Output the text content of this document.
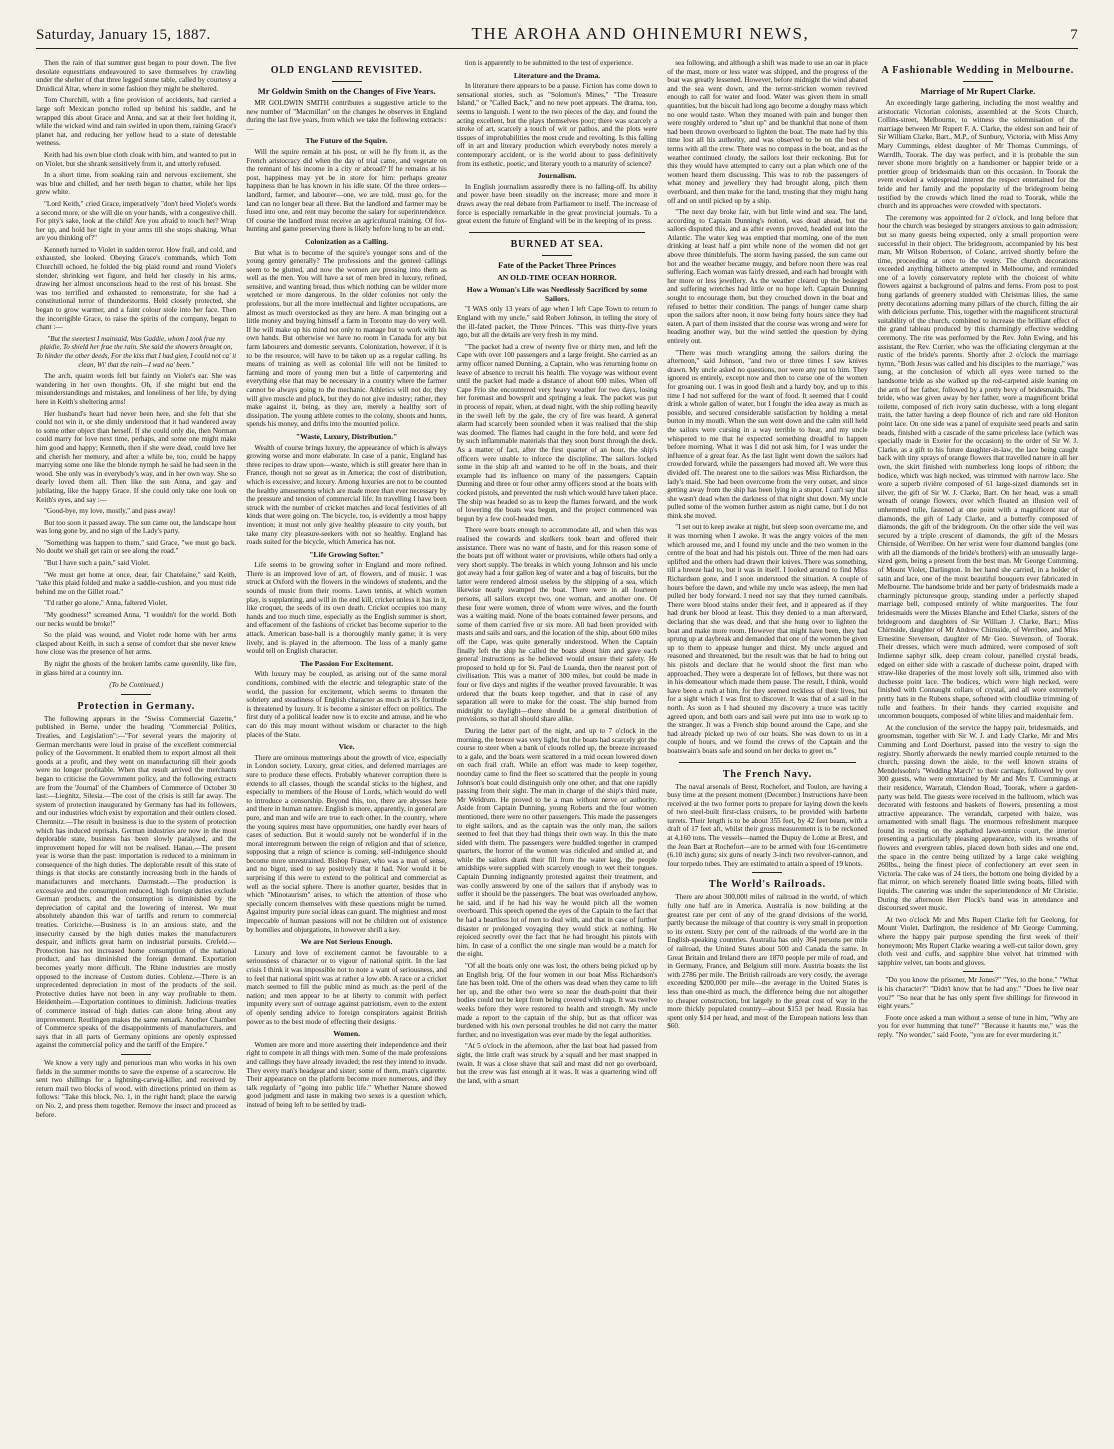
Saturday, January 15, 1887.	THE AROHA AND OHINEMURI NEWS,	7

Then the rain of that summer gust began to pour down. The five desolate equestrians endeavoured to save themselves by crawling under the shelter of that three legged stone table, called by courtesy a Druidical Altar, where in some fashion they might be sheltered.

Tom Churchill, with a fine provision of accidents, had carried a large soft Mexican poncho rolled up behind his saddle, and he wrapped this about Grace and Anna, and sat at their feet holding it, while the wicked wind and rain swirled in upon them, raining Grace's planet hat, and reducing her yellow head to a state of detestable wetness.

Keith had his own blue cloth cloak with him, and wanted to put in on Violet, but she shrank sensitively from it, and utterly refused.

In a short time, from soaking rain and nervous excitement, she was blue and chilled, and her teeth began to chatter, while her lips grew white.

"Lord Keith," cried Grace, imperatively "don't heed Violet's words a second more, or she will die on your hands, with a congestive chill. For pity's sake, look at the child! Are you afraid to touch her? Wrap her up, and hold her tight in your arms till she stops shaking. What are you thinking of?"

Kenneth turned to Violet in sudden terror. How frail, and cold, and exhausted, she looked. Obeying Grace's commands, which Tom Churchill echoed, he folded the big plaid round and round Violet's slender, shrinking wet figure, and held her closely in his arms, drawing her almost unconscious head to the rest of his breast. She was too terrified and exhausted to remonstrate, for she had a constitutional terror of thunderstorms. Held closely protected, she began to grow warmer, and a faint colour stole into her face. Then the incorrigible Grace, to raise the spirits of the company, began to chant :—

"But the sweetest I mainsaid, Was Gaddie, whom I took frae my plaidie, To shield her frae the rain. She said the showers brought on, To hinder the other deeds, For the kiss that I had gien, I could not ca' it clean, Wi' that the rain—I wad na' been."

The arch, quaint words fell but faintly on Violet's ear. She was wandering in her own thoughts. Oh, if she might but end the misunderstandings and mistakes, and loneliness of her life, by dying here in Keith's sheltering arms!

Her husband's heart had never been here, and she felt that she could not win it, or she dimly understood that it had wandered away to some other object than herself. If she could only die, then Norman could marry for love next time, perhaps, and some one might make him good and happy; Kenneth, then if she were dead, could love her and cherish her memory, and after a while be, too, could be happy marrying some one like the blonde nymph he said he had seen in the wood. She only was in everybody's way, and in her own way. She so dearly loved them all. Then like the sun Anna, and gay and jubilating, like the happy Grace. If she could only take one look on Keith's eyes, and say :—

"Good-bye, my love, mostly," and pass away!

But too soon it passed away. The sun came out, the landscape hour was long gone by, and no sign of the Lady's party.

"Something was happen to them," said Grace, "we must go back. No doubt we shall get rain or see along the road."

"But I have such a pain," said Violet.

"We must get home at once, dear, fair Chatelaine," said Keith, "take this plaid folded and make a saddle-cushion, and you must ride behind me on the Gillet road."

"I'd rather go alone," Anna, faltered Violet.

"My goodness!" screamed Anna, "I wouldn't for the world. Both our necks would be broke!"

So the plaid was wound, and Violet rode home with her arms clasped about Keith, in such a sense of comfort that she never knew how close was the presence of her arms.

By night the ghosts of the broken lambs came queenlily, like fire, in glass hired at a country inn.

(To be Continued.)
Protection in Germany.

The following appears in the "Swiss Commercial Gazette," published in Berne, under the heading "Commercial Politics, Treaties, and Legislation":—"For several years the majority of German merchants were loud in praise of the excellent commercial policy of the Government. It enabled them to export almost all their goods at a profit, and they went on manufacturing till their goods were no longer profitable. When that result arrived the merchants began to criticise the Government policy, and the following extracts are from the 'Journal' of the Chambers of Commerce of October 30 last:—Liegnitz, Silesia.—The cost of the crisis is still far away. The system of protection inaugurated by Germany has had its followers, and our industries which exist by exportation and their outlets closed. Chemnitz.—The result in business is due to the system of protection which has induced reprisals. German industries are now in the most deplorable state, business has been slowly paralysed, and the improvement hoped for will not be realised. Hanau.—The present year is worse than the past: importation is reduced to a minimum in consequence of the high duties. The deplorable result of this state of things is that stocks are constantly increasing both in the hands of manufacturers and merchants. Darmstadt.—The production is excessive and the consumption reduced, high foreign duties exclude German products, and the consumption is diminished by the depreciation of capital and the lowering of interest. We must absolutely abandon this war of tariffs and return to commercial treaties. Coriciche.—Business is in an anxious state, and the insecurity caused by the high duties makes the manufacturers despair, and inflicts great harm on industrial pursuits. Crefeld.—Protection has not increased home consumption of the national product, and has diminished the foreign demand. Exportation becomes yearly more difficult. The Rhine industries are mostly opposed to the increase of Custom duties. Coblenz.—There is an unprecedented depreciation in most of the products of the soil. Protective duties have not been in any way profitable to them. Heidenheim.—Exportation continues to diminish. Judicious treaties of commerce instead of high duties can alone bring about any improvement. Reutlingen makes the same remark. Another Chamber of Commerce speaks of the disappointments of manufacturers, and says that in all parts of Germany opinions are openly expressed against the commercial policy and the tariff of the Empire."

We know a very ugly and penurious man who works in his own fields in the summer months to save the expense of a scarecrow. He sent two shillings for a lightning-carwig-killer, and received by return mail two blocks of wood, with directions printed on them as follows: "Take this block, No. 1, in the right hand; place the earwig on No. 2, and press them together. Remove the insect and proceed as before.

OLD ENGLAND REVISITED.
Mr Goldwin Smith on the Changes of Five Years.

MR GOLDWIN SMITH contributes a suggestive article to the new number of "Macmillan" on the changes he observes in England during the last five years, from which we take the following extracts :—

The Future of the Squire.

Will the squire remain at his post, or will he fly from it, as the French aristocracy did when the day of trial came, and vegetate on the remnant of his income in a city or abroad? If he remains at his post, happiness may yet be in store for him: perhaps greater happiness than he has known in his idle state. Of the three orders—landlord, farmer, and labourer—one, we are told, must go, for the land can no longer bear all three. But the landlord and farmer may be fused into one, and rent may become the salary for superintendence. Of course the landlord must receive an agricultural training. Of fox-hunting and game preserving there is likely before long to be an end.

Colonization as a Calling.

But what is to become of the squire's younger sons and of the young gentry generally? The professions and the genteel callings seem to be glutted, and now the women are pressing into them as well as the men. You will have a set of men bred in luxury, refined, sensitive, and wanting bread, thus which nothing can be wilder more wretched or more dangerous. In the older colonies not only the professions, but all the more intellectual and lighter occupations, are almost as much overstocked as they are here. A man bringing out a little money and buying himself a farm in Toronto may do very well. If he will make up his mind not only to manage but to work with his own hands. But otherwise we have no room in Canada for any but farm labourers and domestic servants. Colonization, however, if it is to be the resource, will have to be taken up as a regular calling. Its means of training as well as colonial life will not be limited to farming and more of young men but a little of carpentering and everything else that may be necessary in a country where the farmer cannot be always going to the mechanic. Athletics will not do; they will give muscle and pluck, but they do not give industry; rather, they make against it, being, as they are, merely a healthy sort of dissipation. The young athlete comes to the colony, shoots and hunts, spends his money, and drifts into the mounted police.

"Waste, Luxury, Distribution."

Wealth of course brings luxury, the appearance of which is always growing worse and more elaborate. In case of a panic, England has three recipes to draw upon—waste, which is still greater here than in France, though not so great as in America; the cost of distribution, which is excessive; and luxury. Among luxuries are not to be counted the healthy amusements which are made more than ever necessary by the pressure and tension of commercial life. In travelling I have been struck with the number of cricket matches and local festivities of all kinds that were going on. The bicycle, too, is evidently a most happy invention; it must not only give healthy pleasure to city youth, but take many city pleasure-seekers with not so healthy. England has roads suited for the bicycle, which America has not.

"Life Growing Softer."

Life seems to be growing softer in England and more refined. There is an improved love of art, of flowers, and of music. I was struck at Oxford with the flowers in the windows of students, and the sounds of music from their rooms. Lawn tennis, at which women play, is supplanting, and will in the end kill, cricket unless it has in it, like croquet, the seeds of its own death. Cricket occupies too many hands and too much time, especially as the English summer is short, and effacement of the fashions of cricket has become superior to the attack. American base-ball is a thoroughly manly game; it is very lively, and is played in the afternoon. The loss of a manly game would tell on English character.

The Passion For Excitement.

With luxury may be coupled, as arising out of the same moral conditions, combined with the electric and telegraphic state of the world, the passion for excitement, which seems to threaten the sobriety and steadiness of English character as much as it's fortitude is threatened by luxury. It is become a sinister effect on politics. The first duty of a political leader now is to excite and amuse, and he who can do this may mount without wisdom or character to the high places of the State.

Vice.

There are ominous mutterings about the growth of vice, especially in London society. Luxury, great cities, and deferred marriages are sure to produce these effects. Probably whatever corruption there is extends to all classes, though the scandal sticks to the highest, and especially to members of the House of Lords, which would do well to introduce a censorship. Beyond this, too, there are abysses here and there in human nature. English is more, apparently, in general are pure, and man and wife are true to each other. In the country, where the young squires must have opportunities, one hardly ever hears of cases of seduction. But it would surely not be wonderful if in the moral interregnum between the reign of religion and that of science, supposing that a reign of science is coming, self-indulgence should become more unrestrained. Bishop Fraser, who was a man of sense, and no bigot, used to say positively that it had. Nor would it be surprising if this were to extend to the political and commercial as well as the social sphere. There is another quarter, besides that in which "Minotaurism" arises, to which the attention of those who specially concern themselves with these questions might be turned. Against impurity pure social ideas can guard. The mightiest and most impeccable of human passions will not be children out of existence by homilies and objurgations, in however shrill a key.

We are Not Serious Enough.

Luxury and love of excitement cannot be favourable to a seriousness of character or to vigour of national spirit. In the last crisis I think it was impossible not to note a want of seriousness, and to feel that national spirit was at rather a low ebb. A race or a cricket match seemed to fill the public mind as much as the peril of the nation; and men appear to be at liberty to commit with perfect impunity every sort of outrage against patriotism, even to the extent of openly sending advice to foreign conspirators against British power as to the best mode of effecting their designs.

Women.

Women are more and more asserting their independence and their right to compete in all things with men. Some of the male professions and callings they have already invaded; the rest they intend to invade. They every man's headgear and sister; some of them, man's cigarette. Their appearance on the platform become more numerous, and they talk regularly of "going into public life." Whether Nature showed good judgment and taste in making two sexes is a question which, instead of being left to be settled by tradi-

tion is apparently to be submitted to the test of experience.

Literature and the Drama.

In literature there appears to be a pause. Fiction has come down to sensational stories, such as "Solomon's Mines," "The Treasure Island," or "Called Back," and no new poet appears. The drama, too, seems to languish. I went to the two pieces of the day, and found the acting excellent, but the plays themselves poor; there was scarcely a stroke of art, scarcely a touch of wit or pathos, and the plots were tissues of improbabilities the most crude and revolting. Is this falling off in art and literary production which everybody notes merely a contemporary accident, or is the world about to pass definitively from its esthetic, poetic, and literary youth to a maturity of science?

Journalism.

In English journalism assuredly there is no falling-off. Its ability and power have been steadily on the increase; more and more it draws away the real debate from Parliament to itself. The increase of force is especially remarkable in the great provincial journals. To a great extent the future of England will be in the keeping of its press.

BURNED AT SEA.
Fate of the Packet Three Princes
AN OLD-TIME OCEAN HORROR.
How a Woman's Life was Needlessly Sacrificed by some Sailors.

"I WAS only 13 years of age when I left Cape Town to return to England with my uncle," said Robert Johnson, in telling the story of the ill-fated packet, the Three Princes. "This was thirty-five years ago, but all the details are very fresh in my mind.

"The packet had a crew of twenty five or thirty men, and left the Cape with over 100 passengers and a large freight. She carried as an army officer named Dunning, a Captain, who was returning home on leave of absence to recruit his health. The voyage was without event until the packet had made a distance of about 600 miles. When off Cape Frio she encountered very heavy weather for two days, losing her foremast and bowsprit and springing a leak. The packet was put in process of repair, when, at dead night, with the ship rolling heavily in the swell left by the gale, the cry of fire was heard. A general alarm had scarcely been sounded when it was realised that the ship was doomed. The flames had caught in the fore hold, and were fed by such inflammable materials that they soon burst through the deck. As a matter of fact, after the first quarter of an hour, the ship's officers were unable to inforce the discipline. The sailors locked some in the ship aft and wanted to be off in the boats, and their example had its influence on many of the passengers. Captain Dunning and three or four other army officers stood at the boats with cocked pistols, and prevented the rush which would have taken place. The ship was headed so as to keep the flames forward, and the work of lowering the boats was begun, and the project commenced was begun by a few cool-headed men.

There were boats enough to accommodate all, and when this was realised the cowards and skulkers took heart and offered their assistance. There was no want of haste, and for this reason some of the boats put off without water or provisions, while others had only a very short supply. The breaks in which young Johnson and his uncle got away had a four gallon keg of water and a bag of biscuits, but the latter were rendered almost useless by the shipping of a sea, which likewise nearly swamped the boat. There were in all fourteen persons, all sailors except two, one woman, and another one. Of these four were women, three of whom were wives, and the fourth was a waiting maid. None of the boats contained fewer persons, and some of them carried five or six more. All had been provided with masts and sails and oars, and the location of the ship, about 600 miles off the Cape, was quite generally understood. When the Captain finally left the ship he called the boats about him and gave each general instructions as he believed would ensure their safety. He proposed to hold up for St. Paul de Loanda, then the nearest port of civilisation. This was a matter of 300 miles, but could be made in four or five days and nights if the weather proved favourable. It was ordered that the boats keep together, and that in case of any separation all were to make for the coast. The ship burned from midnight to daylight—there should be a general distribution of provisions, so that all should share alike.

During the latter part of the night, and up to 7 o'clock in the morning, the breeze was very light, but the boats had scarcely got the course to steer when a bank of clouds rolled up, the breeze increased to a gale, and the boats were scattered in a mid ocean lowered down on each frail craft. While an effort was made to keep together, noonday came to find the fleet so scattered that the people in young Johnson's boat could distinguish only one other, and that one rapidly passing from their sight. The man in charge of the ship's third mate, Mr Weldrum. He proved to be a man without nerve or authority. Aside from Captain Dunning, young Roberts and the four women mentioned, there were no other passengers. This made the passengers to eight sailors, and as the captain was the only man, the sailors seemed to feel that they had things their own way. In this the mate sided with them. The passengers were huddled together in cramped quarters, the horror of the women was ridiculed and smiled at, and while the sailors drank their fill from the water keg, the people amidships were supplied with scarcely enough to wet their tongues. Captain Dunning indignantly protested against their treatment, and was coolly answered by one of the sailors that if anybody was to suffer it should be the passengers. The boat was overloaded anyhow, he said, and if he had his way he would pitch all the women overboard. This speech opened the eyes of the Captain to the fact that he had a heartless lot of men to deal with, and that in case of further disaster or prolonged voyaging they would stick at nothing. He rejoiced secretly over the fact that he had brought his pistols with him. In case of a conflict the one single man would be a match for the eight.

"Of all the boats only one was lost, the others being picked up by an English brig. Of the four women in our boat Miss Richardson's fate has been told. One of the others was dead when they came to lift her up, and the other two were so near the death-point that their bodies could not be kept from being covered with rags. It was twelve weeks before they were restored to health and strength. My uncle made a report to the captain of the ship, but as that officer was burdened with his own personal troubles he did not carry the matter further, and no investigation was ever made by the legal authorities.

"At 5 o'clock in the afternoon, after the last boat had passed from sight, the little craft was struck by a squall and her mast snapped in twain. It was a close shave that sail and mast did not go overboard, but the crew was fast enough at it was. It was a quartering wind off the land, with a smart

sea following, and although a shift was made to use an oar in place of the mast, more or less water was shipped, and the progress of the boat was greatly lessened. However, before midnight the wind abated and the sea went down, and the terror-stricken women revived enough to call for water and food. Water was given them in small quantities, but the biscuit had long ago become a doughy mass which no one would taste. When they moaned with pain and hunger then were roughly ordered to "shut up" and be thankful that none of them had been thrown overboard to lighten the boat. The mate had by this time lost all his authority, and was observed to be on the best of terms with all the crew. There was no compass in the boat, and as the weather continued cloudy, the sailors lost their reckoning. But for this they would have attempted to carry out a plan which one of the women heard them discussing. This was to rob the passengers of what money and jewellery they had brought along, pitch them overboard, and then make for the land, trusting that they might hang off and on until picked up by a ship.

"The next day broke fair, with but little wind and sea. The land, according to Captain Dunning's notion, was dead ahead, but the sailors disputed this, and as after events proved, headed out into the Atlantic. The water keg was emptied that morning, one of the men drinking at least half a pint while none of the women did not get above three thimblefuls. The storm having passed, the sun came out hot and the weather became muggy, and before noon there was real suffering. Each woman was fairly dressed, and each had brought with her more or less jewellery. As the weather cleared up the besieged and suffering wretches had little or no hope left. Captain Dunning sought to encourage them, but they crouched down in the boat and refused to better their condition. The pangs of hunger came sharp upon the sailors after noon, it now being forty hours since they had eaten. A part of them insisted that the course was wrong and were for heading another way, but the wind settled the question by dying entirely out.

"There was much wrangling among the sailors during the afternoon," said Johnson, "and two or three times I saw knives drawn. My uncle asked no questions, nor were any put to him. They ignored us entirely, except now and then to curse one of the women for groaning out. I was in good flesh and a hardy boy, and up to this time I had not suffered for the want of food. It seemed that I could drink a whole gallon of water, but I fought the idea away as much as possible, and secured considerable satisfaction by holding a metal button in my mouth. When the sun went down and the calm still held the sailors were cursing in a way terrible to hear, and my uncle whispered to me that he expected something dreadful to happen before morning. What it was I did not ask him, for I was under the influence of a great fear. As the last light went down the sailors had crowded forward, while the passengers had moved aft. We were thus divided off. The nearest one to the sailors was Miss Richardson, the lady's maid. She had been overcome from the very outset, and since getting away from the ship has been lying in a stupor. I can't say that she wasn't dead when the darkness of that night shut down. My uncle pulled some of the women further astern as night came, but I do not think she moved.

"I set out to keep awake at night, but sleep soon overcame me, and it was morning when I awoke. It was the angry voices of the men which aroused me, and I found my uncle and the two women in the centre of the boat and had his pistols out. Three of the men had oars uplifted and the others had drawn their knives. There was something, till a breeze had to, but it was in itself. I looked around to find Miss Richardson gone, and I soon understood the situation. A couple of hours before the dawn, and while my uncle was asleep, the men had pulled her body forward. I need not say that they turned cannibals. There were blood stains under their feet, and it appeared as if they had drunk her blood at least. This they denied to a man afterward, declaring that she was dead, and that she hung over to lighten the boat and make more room. However that might have been, they had sprung up at daybreak and demanded that one of the women be given up to them to appease hunger and thirst. My uncle argued and reasoned and threatened, but the result was that he had to bring out his pistols and declare that he would shoot the first man who approached. They were a desperate lot of fellows, but there was not in his demeanour which made them pause. The result, I think, would have been a rush at him, for they seemed reckless of their lives, but for a sight which I was first to discover. It was that of a sail in the north. As soon as I had shouted my discovery a truce was tacitly agreed upon, and both oars and sail were put into use to work up to the stranger. It was a French ship bound around the Cape, and she had already picked up two of our boats. She was down to us in a couple of hours, and we found the crews of the Captain and the boatswain's boats safe and sound on her decks to greet us."

The French Navy.

The naval arsenals of Brest, Rochefort, and Toulon, are having a busy time at the present moment (December.) Instructions have been received at the two former ports to prepare for laying down the keels of two steel-built first-class cruisers, to be provided with barbette turrets. Their length is to be about 355 feet, by 42 feet beam, with a draft of 17 feet aft, whilst their gross measurement is to be reckoned at 4,160 tons. The vessels—named the Dupuy de Lome at Brest, and the Jean Bart at Rochefort—are to be armed with four 16-centimetre (6.10 inch) guns; six guns of nearly 3-inch two revolver-cannon, and four torpedo tubes. They are estimated to attain a speed of 19 knots.

The World's Railroads.

There are about 300,000 miles of railroad in the world, of which fully one half are in America. Australia is now building at the greatest rate per cent of any of the grand divisions of the world, partly because the mileage of that country is very small in proportion to its extent. Sixty per cent of the railroads of the world are in the English-speaking countries. Australia has only 364 persons per mile of railroad, the United States about 500 and Canada the same. In Great Britain and Ireland there are 1870 people per mile of road, and in Germany, France, and Belgium still more. Austria boasts the list with 2786 per mile. The British railroads are very costly, the average exceeding $200,000 per mile—the average in the United States is less than one-third as much, the difference being due not altogether to cheaper construction, but largely to the great cost of way in the more thickly populated country—about $153 per head. Russia has spent only $14 per head, and most of the European nations less than $60.

A Fashionable Wedding in Melbourne.
Marriage of Mr Rupert Clarke.

An exceedingly large gathering, including the most wealthy and aristocratic Victorian colonists, assembled at the Scots Church, Collins-street, Melbourne, to witness the solemnisation of the marriage between Mr Rupert F. A. Clarke, the eldest son and heir of Sir William Clarke, Bart., M.P., of Sunbury, Victoria, with Miss Amy Mary Cummings, eldest daughter of Mr Thomas Cummings, of Warrdlh, Toorak. The day was perfect, and it is probable the sun never shone more brightly on a handsomer or happier bride or a prettier group of bridesmaids than on this occasion. In Toorak the event evoked a widespread interest the respect entertained for the bride and her family and the popularity of the bridegroom being testified by the crowds which lined the road to Toorak, while the church and its approaches were crowded with spectators.

The ceremony was appointed for 2 o'clock, and long before that hour the church was besieged by strangers anxious to gain admission; but so many guests being expected, only a small proportion were successful in their object. The bridegroom, accompanied by his best man, Mr Wilson Robertson, of Colanc, arrived shortly before the time, proceeding at once to the vestry. The church decorations exceeded anything hitherto attempted in Melbourne, and reminded one of a lovely conservatory replete with the choicest of white flowers against a background of palms and ferns. From post to post hung garlands of greenery studded with Christmas lilies, the same pretty decorations adorning many pillars of the church, filling the air with delicious perfume. This, together with the magnificent structural suitability of the church, combined to increase the brilliant effect of the grand tableau produced by this charmingly effective wedding ceremony. The rite was performed by the Rev. John Ewing, and his assistant, the Rev. Currier, who was the officiating clergyman at the rustic of the bride's parents. Shortly after 2 o'clock the marriage hymn, "Both Jesus was called and his disciples to the marriage," was sung, at the conclusion of which all eyes were turned to the handsome bride as she walked up the red-carpeted aisle leaning on the arm of her father, followed by a pretty bevy of bridesmaids. The bride, who was given away by her father, wore a magnificent bridal toilette, composed of rich ivory satin duchesse, with a long elegant train, the latter having a deep flounce of rich and rare old Honiton point lace. On one side was a panel of exquisite seed pearls and satin beads, finished with a cascade of the same priceless lace (which was specially made in Exeter for the occasion) to the order of Sir W. J. Clarke, as a gift to his future daughter-in-law, the lace being caught back with tiny sprays of orange flowers that travelled nature in all her own, the skirt finished with numberless long loops of ribbon; the bodice, which was high necked, was trimmed with narrow lace. She wore a superb rivière composed of 61 large-sized diamonds set in silver, the gift of Sir W. J. Clarke, Bart. On her head, was a small wreath of orange flowers, over which floated an illusion veil of unhemmed tulle, fastened at one point with a magnificent star of diamonds, the gift of Lady Clarke, and a butterfly composed of diamonds, the gift of the bridegroom. On the other side the veil was secured by a triple crescent of diamonds, the gift of the Messrs Chirnside, of Werribee. On her wrist were four diamond bangles (one with all the diamonds of the bride's brothers) with an unusually large-sized gem, being a present from the best man. Mr George Cumming, of Mount Violet, Darlington. In her hand she carried, in a holder of satin and lace, one of the most beautiful bouquets ever fabricated in Melbourne. The handsome bride and her party of bridesmaids made a charmingly picturesque group, standing under a perfectly shaped marriage bell, composed entirely of white marguerites. The four bridesmaids were the Misses Blanche and Ethel Clarke, sisters of the bridegroom and daughters of Sir William J. Clarke, Bart.; Miss Chirnside, daughter of Mr Andrew Chirnside, of Werribee, and Miss Ernestine Stevenson, daughter of Mr Geo. Stevenson, of Toorak. Their dresses, which were much admired, were composed of soft Indienne saphyr silk, deep cream colour, panelled crystal beads, edged on either side with a cascade of duchesse point, draped with straw-like draperies of the most lovely soft silk, trimmed also with duchesse point lace. The bodices, which were high necked, were finished with Connaught collars of crystal, and all wore extremely pretty hats in the Rubens shape, softened with cloudlike trimming of tulle and feathers. In their hands they carried exquisite and uncommon bouquets, composed of white lilies and maidenhair fern.

At the conclusion of the service the happy pair, bridesmaids, and groomsman, together with Sir W. J. and Lady Clarke, Mr and Mrs Cumming and Lord Doerhurst, passed into the vestry to sign the registry. Shortly afterwards the newly married couple returned to the church, passing down the aisle, to the well known strains of Mendelssohn's "Wedding March" to their carriage, followed by over 300 guests, who were entertained by Mr and Mrs T. Cummings at their residence, Warratah, Clendon Road, Toorak, where a garden-party was held. The guests were received in the ballroom, which was decorated with festoons and baskets of flowers, presenting a most attractive appearance. The verandah, carpeted with baize, was ornamented with small flags. The enormous refreshment marquee found its resting on the asphalted lawn-tennis court, the interior presenting a particularly pleasing appearance, with its wreaths of flowers and evergreen tables, placed down both sides and one end, the space in the centre being utilized by a large cake weighing 260lbs., being the finest piece of confectionery art ever seen in Victoria. The cake was of 24 tiers, the bottom one being divided by a flat mirror, on which serenely floated little swing boats, filled with liquids. The catering was under the superintendence of Mr Christie. During the afternoon Herr Plock's band was in attendance and discoursed sweet music.

At two o'clock Mr and Mrs Rupert Clarke left for Geelong, for Mount Violet, Darlington, the residence of Mr George Cumming, where the happy pair purpose spending the first week of their honeymoon; Mrs Rupert Clarke wearing a well-cut tailor down, grey cloth vest and cuffs, and sapphire blue velvet hat trimmed with sapphire velvet, tan boots and gloves.

"Do you know the prisoner, Mr Jones?" "Yes, to the bone." "What is his character?" "Didn't know that he had any." "Does he live near you?" "So near that he has only spent five shillings for firewood in eight years."

Foote once asked a man without a sense of tune in him, "Why are you for ever humming that tune?" "Because it haunts me," was the reply. "No wonder," said Foote, "you are for ever murdering it."
